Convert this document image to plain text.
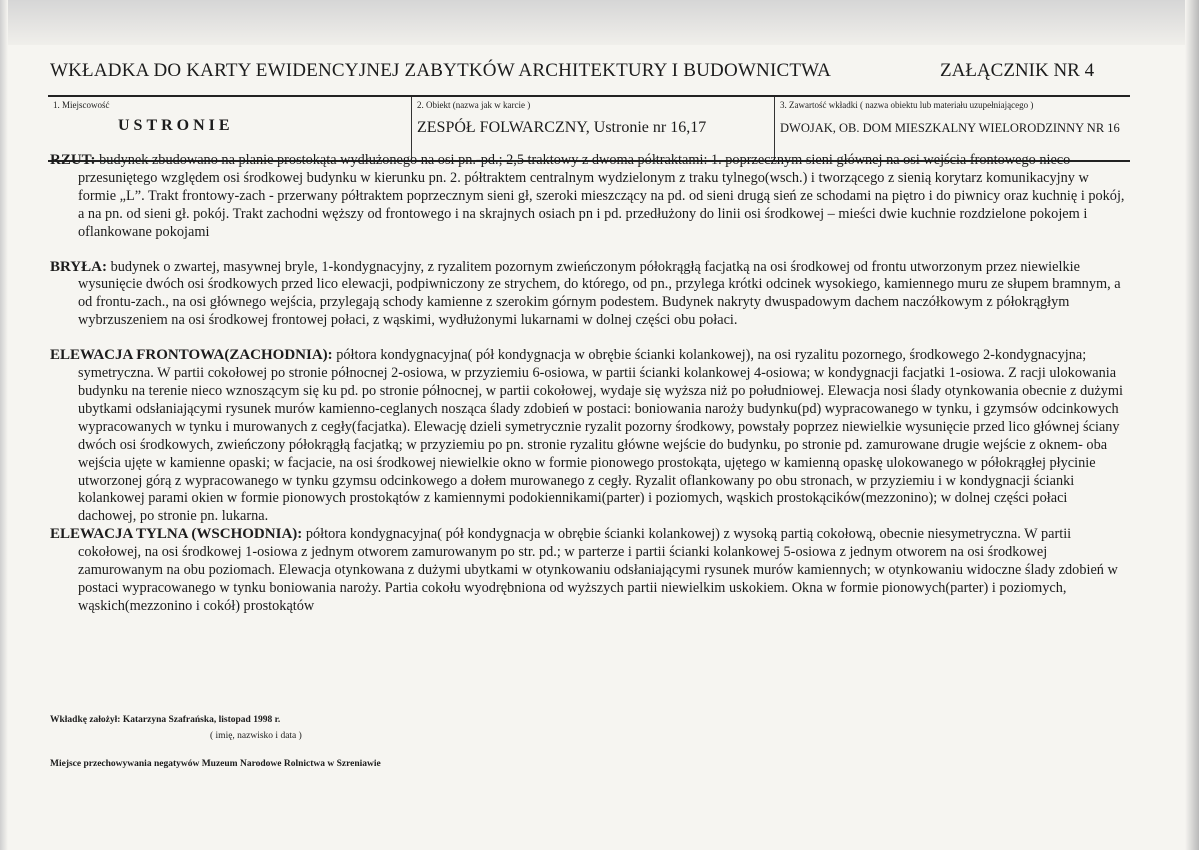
WKŁADKA DO KARTY EWIDENCYJNEJ ZABYTKÓW ARCHITEKTURY I BUDOWNICTWA	ZAŁĄCZNIK NR 4
1. Miejscowość
USTRONIE
2. Obiekt (nazwa jak w karcie )
ZESPÓŁ FOLWARCZNY, Ustronie nr 16,17
3. Zawartość wkładki ( nazwa obiektu lub materiału uzupełniającego )
DWOJAK, OB. DOM MIESZKALNY WIELORODZINNY NR 16

RZUT: budynek zbudowano na planie prostokąta wydłużonego na osi pn.-pd.; 2,5 traktowy z dwoma półtraktami: 1. poprzecznym sieni głównej na osi wejścia frontowego nieco przesuniętego względem osi środkowej budynku w kierunku pn. 2. półtraktem centralnym wydzielonym z traku tylnego(wsch.) i tworzącego z sienią korytarz komunikacyjny w formie „L”. Trakt frontowy-zach - przerwany półtraktem poprzecznym sieni gł, szeroki mieszczący na pd. od sieni drugą sień ze schodami na piętro i do piwnicy oraz kuchnię i pokój, a na pn. od sieni gł. pokój. Trakt zachodni węższy od frontowego i na skrajnych osiach pn i pd. przedłużony do linii osi środkowej – mieści dwie kuchnie rozdzielone pokojem i oflankowane pokojami

BRYŁA: budynek o zwartej, masywnej bryle, 1-kondygnacyjny, z ryzalitem pozornym zwieńczonym półokrągłą facjatką na osi środkowej od frontu utworzonym przez niewielkie wysunięcie dwóch osi środkowych przed lico elewacji, podpiwniczony ze strychem, do którego, od pn., przylega krótki odcinek wysokiego, kamiennego muru ze słupem bramnym, a od frontu-zach., na osi głównego wejścia, przylegają schody kamienne z szerokim górnym podestem. Budynek nakryty dwuspadowym dachem naczółkowym z półokrągłym wybrzuszeniem na osi środkowej frontowej połaci, z wąskimi, wydłużonymi lukarnami w dolnej części obu połaci.

ELEWACJA FRONTOWA(ZACHODNIA): półtora kondygnacyjna( pół kondygnacja w obrębie ścianki kolankowej), na osi ryzalitu pozornego, środkowego 2-kondygnacyjna; symetryczna. W partii cokołowej po stronie północnej 2-osiowa, w przyziemiu 6-osiowa, w partii ścianki kolankowej 4-osiowa; w kondygnacji facjatki 1-osiowa. Z racji ulokowania budynku na terenie nieco wznoszącym się ku pd. po stronie północnej, w partii cokołowej, wydaje się wyższa niż po południowej. Elewacja nosi ślady otynkowania obecnie z dużymi ubytkami odsłaniającymi rysunek murów kamienno-ceglanych nosząca ślady zdobień w postaci: boniowania naroży budynku(pd) wypracowanego w tynku, i gzymsów odcinkowych wypracowanych w tynku i murowanych z cegły(facjatka). Elewację dzieli symetrycznie ryzalit pozorny środkowy, powstały poprzez niewielkie wysunięcie przed lico głównej ściany dwóch osi środkowych, zwieńczony półokrągłą facjatką; w przyziemiu po pn. stronie ryzalitu główne wejście do budynku, po stronie pd. zamurowane drugie wejście z oknem- oba wejścia ujęte w kamienne opaski; w facjacie, na osi środkowej niewielkie okno w formie pionowego prostokąta, ujętego w kamienną opaskę ulokowanego w półokrągłej płycinie utworzonej górą z wypracowanego w tynku gzymsu odcinkowego a dołem murowanego z cegły. Ryzalit oflankowany po obu stronach, w przyziemiu i w kondygnacji ścianki kolankowej parami okien w formie pionowych prostokątów z kamiennymi podokiennikami(parter) i poziomych, wąskich prostokącików(mezzonino); w dolnej części połaci dachowej, po stronie pn. lukarna.

ELEWACJA TYLNA (WSCHODNIA): półtora kondygnacyjna( pół kondygnacja w obrębie ścianki kolankowej) z wysoką partią cokołową, obecnie niesymetryczna. W partii cokołowej, na osi środkowej 1-osiowa z jednym otworem zamurowanym po str. pd.; w parterze i partii ścianki kolankowej 5-osiowa z jednym otworem na osi środkowej zamurowanym na obu poziomach. Elewacja otynkowana z dużymi ubytkami w otynkowaniu odsłaniającymi rysunek murów kamiennych; w otynkowaniu widoczne ślady zdobień w postaci wypracowanego w tynku boniowania naroży. Partia cokołu wyodrębniona od wyższych partii niewielkim uskokiem. Okna w formie pionowych(parter) i poziomych, wąskich(mezzonino i cokół) prostokątów

Wkładkę założył: Katarzyna Szafrańska, listopad 1998 r.
( imię, nazwisko i data )
Miejsce przechowywania negatywów Muzeum Narodowe Rolnictwa w Szreniawie
